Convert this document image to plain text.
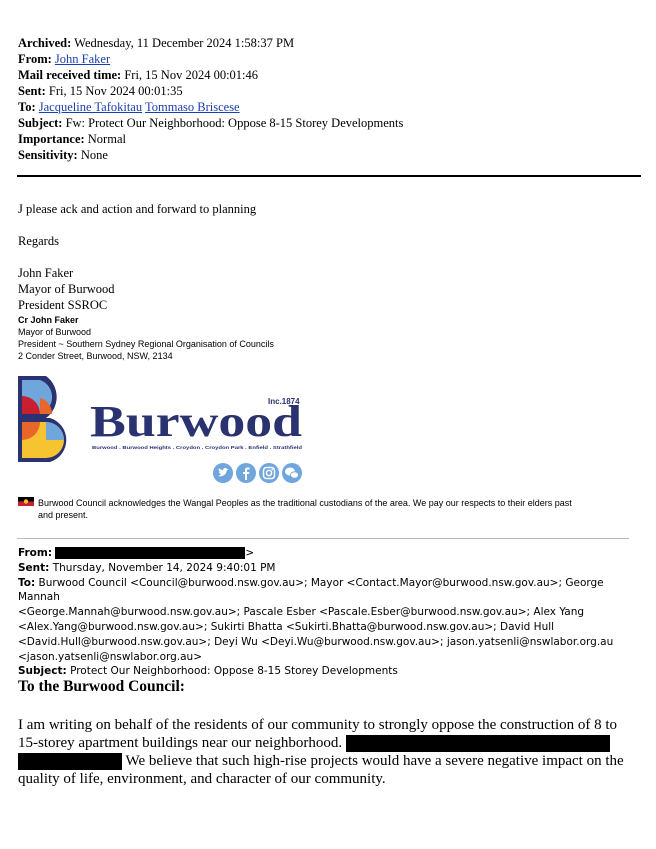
Archived: Wednesday, 11 December 2024 1:58:37 PM
From: John Faker
Mail received time: Fri, 15 Nov 2024 00:01:46
Sent: Fri, 15 Nov 2024 00:01:35
To: Jacqueline Tafokitau Tommaso Briscese
Subject: Fw: Protect Our Neighborhood: Oppose 8-15 Storey Developments
Importance: Normal
Sensitivity: None
J please ack and action and forward to planning
Regards
John Faker
Mayor of Burwood
President SSROC
Cr John Faker
Mayor of Burwood
President ~ Southern Sydney Regional Organisation of Councils
2 Conder Street, Burwood, NSW, 2134
Inc.1874
Burwood
Burwood . Burwood Heights . Croydon . Croydon Park . Enfield . Strathfield
Burwood Council acknowledges the Wangal Peoples as the traditional custodians of the area. We pay our respects to their elders past
and present.
From:	>
Sent: Thursday, November 14, 2024 9:40:01 PM
To: Burwood Council <Council@burwood.nsw.gov.au>; Mayor <Contact.Mayor@burwood.nsw.gov.au>; George Mannah
<George.Mannah@burwood.nsw.gov.au>; Pascale Esber <Pascale.Esber@burwood.nsw.gov.au>; Alex Yang
<Alex.Yang@burwood.nsw.gov.au>; Sukirti Bhatta <Sukirti.Bhatta@burwood.nsw.gov.au>; David Hull
<David.Hull@burwood.nsw.gov.au>; Deyi Wu <Deyi.Wu@burwood.nsw.gov.au>; jason.yatsenli@nswlabor.org.au
<jason.yatsenli@nswlabor.org.au>
Subject: Protect Our Neighborhood: Oppose 8-15 Storey Developments
To the Burwood Council:
I am writing on behalf of the residents of our community to strongly oppose the construction of 8 to
15-storey apartment buildings near our neighborhood.
We believe that such high-rise projects would have a severe negative impact on the
quality of life, environment, and character of our community.
